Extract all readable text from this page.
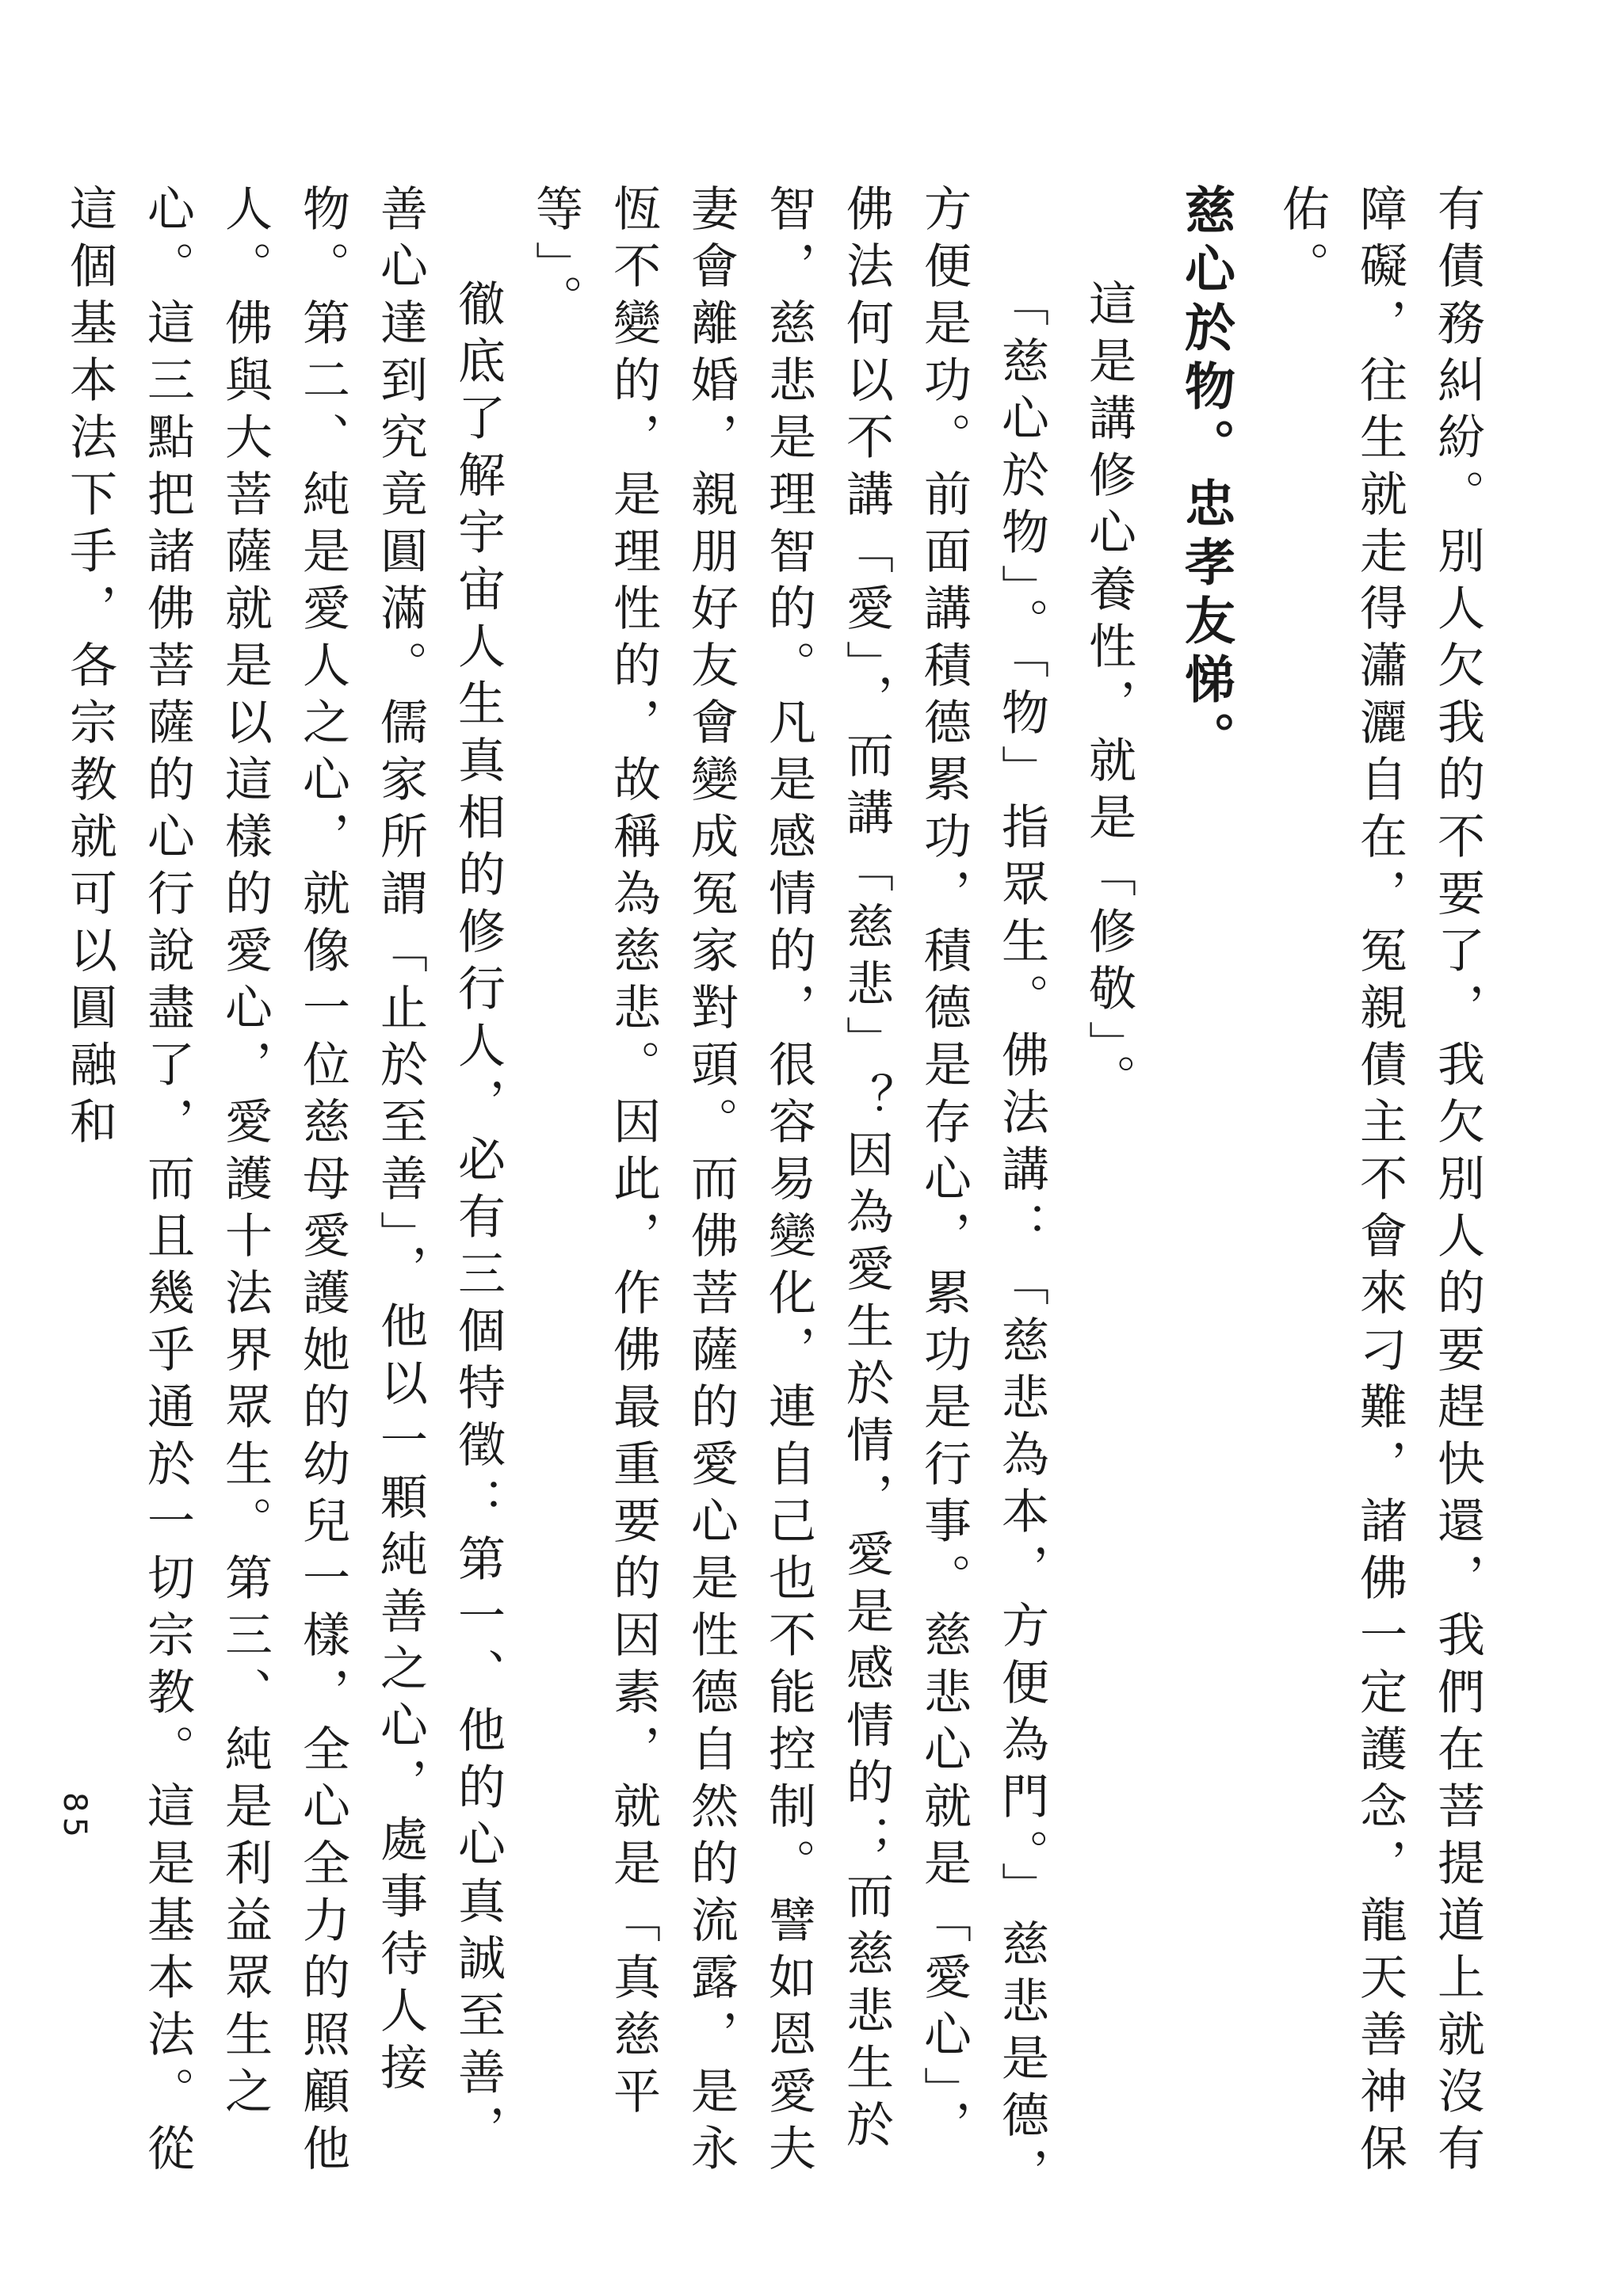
有債務糾紛。別人欠我的不要了，我欠別人的要趕快還，我們在菩提道上就沒有障礙，往生就走得瀟灑自在，冤親債主不會來刁難，諸佛一定護念，龍天善神保佑。

慈心於物。忠孝友悌。

這是講修心養性，就是「修敬」。

「慈心於物」。「物」指眾生。佛法講：「慈悲為本，方便為門。」慈悲是德，方便是功。前面講積德累功，積德是存心，累功是行事。慈悲心就是「愛心」，佛法何以不講「愛」，而講「慈悲」？因為愛生於情，愛是感情的；而慈悲生於智，慈悲是理智的。凡是感情的，很容易變化，連自己也不能控制。譬如恩愛夫妻會離婚，親朋好友會變成冤家對頭。而佛菩薩的愛心是性德自然的流露，是永恆不變的，是理性的，故稱為慈悲。因此，作佛最重要的因素，就是「真慈平等」。

徹底了解宇宙人生真相的修行人，必有三個特徵：第一、他的心真誠至善，善心達到究竟圓滿。儒家所謂「止於至善」，他以一顆純善之心，處事待人接物。第二、純是愛人之心，就像一位慈母愛護她的幼兒一樣，全心全力的照顧他人。佛與大菩薩就是以這樣的愛心，愛護十法界眾生。第三、純是利益眾生之心。這三點把諸佛菩薩的心行說盡了，而且幾乎通於一切宗教。這是基本法。從這個基本法下手，各宗教就可以圓融和

85
